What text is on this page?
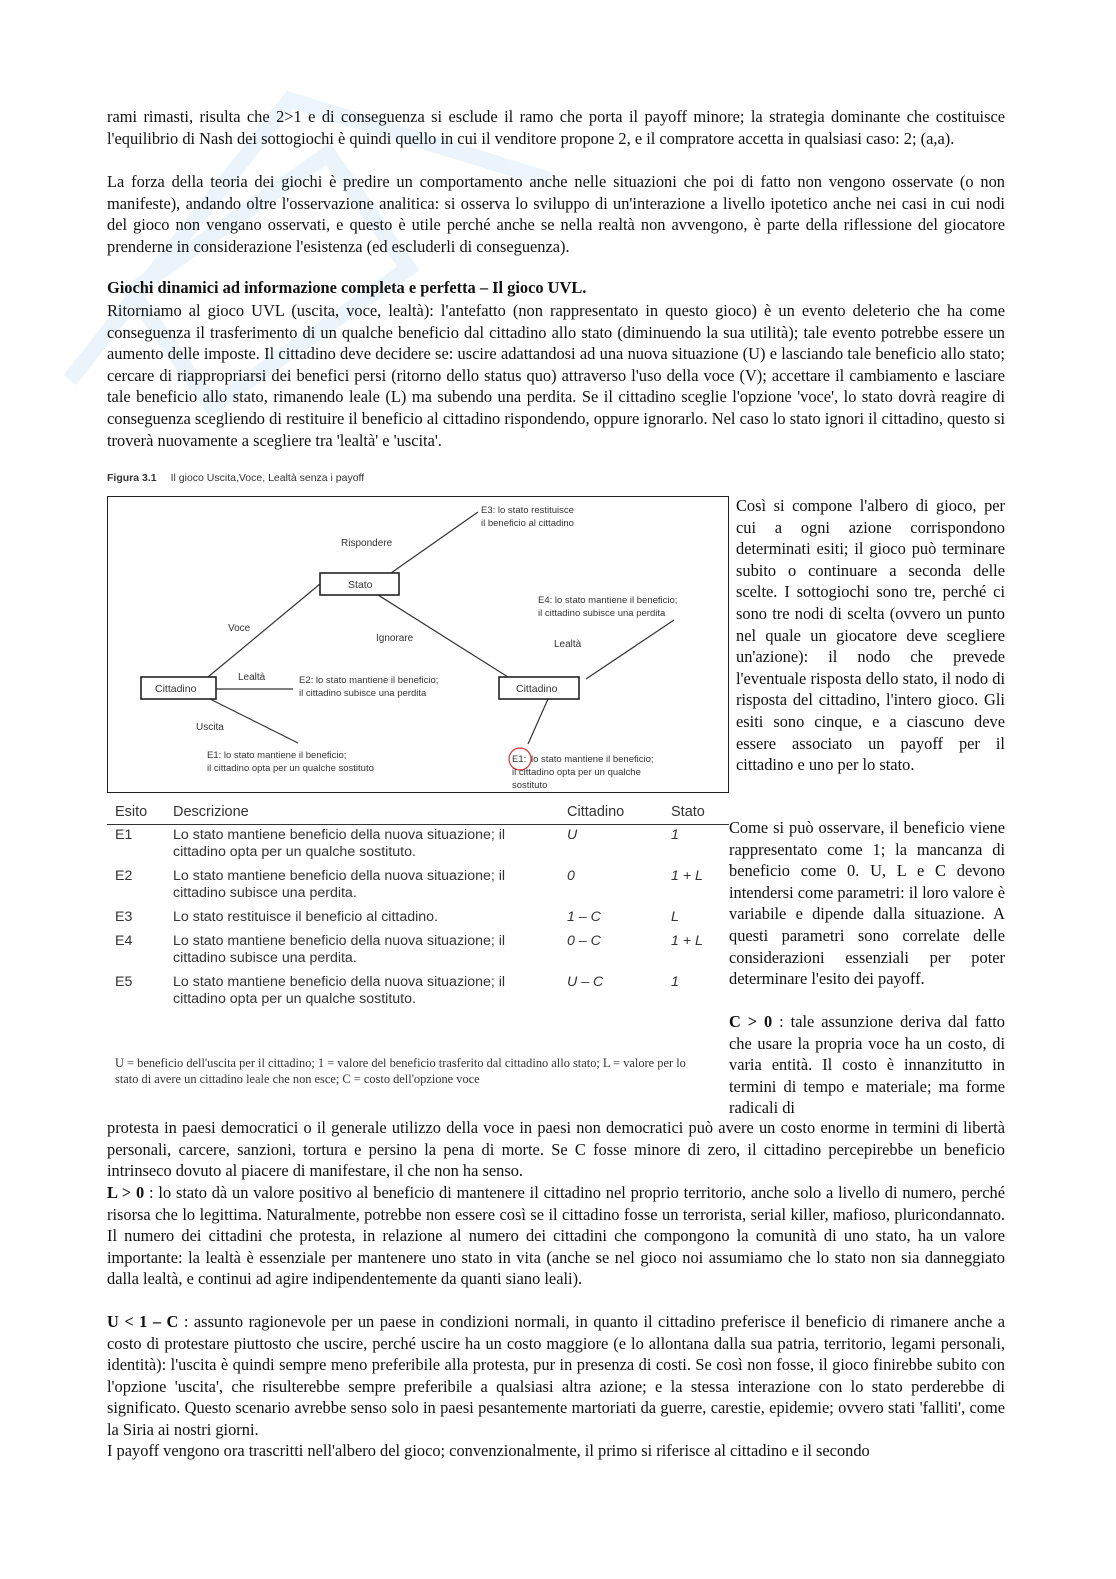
rami rimasti, risulta che 2>1 e di conseguenza si esclude il ramo che porta il payoff minore; la strategia dominante che costituisce l'equilibrio di Nash dei sottogiochi è quindi quello in cui il venditore propone 2, e il compratore accetta in qualsiasi caso: 2; (a,a).

La forza della teoria dei giochi è predire un comportamento anche nelle situazioni che poi di fatto non vengono osservate (o non manifeste), andando oltre l'osservazione analitica: si osserva lo sviluppo di un'interazione a livello ipotetico anche nei casi in cui nodi del gioco non vengano osservati, e questo è utile perché anche se nella realtà non avvengono, è parte della riflessione del giocatore prenderne in considerazione l'esistenza (ed escluderli di conseguenza).

Giochi dinamici ad informazione completa e perfetta – Il gioco UVL.

Ritorniamo al gioco UVL (uscita, voce, lealtà): l'antefatto (non rappresentato in questo gioco) è un evento deleterio che ha come conseguenza il trasferimento di un qualche beneficio dal cittadino allo stato (diminuendo la sua utilità); tale evento potrebbe essere un aumento delle imposte. Il cittadino deve decidere se: uscire adattandosi ad una nuova situazione (U) e lasciando tale beneficio allo stato; cercare di riappropriarsi dei benefici persi (ritorno dello status quo) attraverso l'uso della voce (V); accettare il cambiamento e lasciare tale beneficio allo stato, rimanendo leale (L) ma subendo una perdita. Se il cittadino sceglie l'opzione 'voce', lo stato dovrà reagire di conseguenza scegliendo di restituire il beneficio al cittadino rispondendo, oppure ignorarlo. Nel caso lo stato ignori il cittadino, questo si troverà nuovamente a scegliere tra 'lealtà' e 'uscita'.

Figura 3.1 Il gioco Uscita,Voce, Lealtà senza i payoff
Cittadino
Stato
Cittadino
Rispondere
Voce
Ignorare
Lealtà
Uscita
Lealtà
E3: lo stato restituisce
il beneficio al cittadino
E4: lo stato mantiene il beneficio;
il cittadino subisce una perdita
E2: lo stato mantiene il beneficio;
il cittadino subisce una perdita
E1: lo stato mantiene il beneficio;
il cittadino opta per un qualche sostituto
E1: lo stato mantiene il beneficio;
il cittadino opta per un qualche
sostituto

Così si compone l'albero di gioco, per cui a ogni azione corrispondono determinati esiti; il gioco può terminare subito o continuare a seconda delle scelte. I sottogiochi sono tre, perché ci sono tre nodi di scelta (ovvero un punto nel quale un giocatore deve scegliere un'azione): il nodo che prevede l'eventuale risposta dello stato, il nodo di risposta del cittadino, l'intero gioco. Gli esiti sono cinque, e a ciascuno deve essere associato un payoff per il cittadino e uno per lo stato.

Come si può osservare, il beneficio viene rappresentato come 1; la mancanza di beneficio come 0. U, L e C devono intendersi come parametri: il loro valore è variabile e dipende dalla situazione. A questi parametri sono correlate delle considerazioni essenziali per poter determinare l'esito dei payoff.

C > 0 : tale assunzione deriva dal fatto che usare la propria voce ha un costo, di varia entità. Il costo è innanzitutto in termini di tempo e materiale; ma forme radicali di

Esito	Descrizione	Cittadino	Stato
E1	Lo stato mantiene beneficio della nuova situazione; il cittadino opta per un qualche sostituto.	U	1
E2	Lo stato mantiene beneficio della nuova situazione; il cittadino subisce una perdita.	0	1 + L
E3	Lo stato restituisce il beneficio al cittadino.	1 – C	L
E4	Lo stato mantiene beneficio della nuova situazione; il cittadino subisce una perdita.	0 – C	1 + L
E5	Lo stato mantiene beneficio della nuova situazione; il cittadino opta per un qualche sostituto.	U – C	1
U = beneficio dell'uscita per il cittadino; 1 = valore del beneficio trasferito dal cittadino allo stato; L = valore per lo stato di avere un cittadino leale che non esce; C = costo dell'opzione voce

protesta in paesi democratici o il generale utilizzo della voce in paesi non democratici può avere un costo enorme in termini di libertà personali, carcere, sanzioni, tortura e persino la pena di morte. Se C fosse minore di zero, il cittadino percepirebbe un beneficio intrinseco dovuto al piacere di manifestare, il che non ha senso.

L > 0 : lo stato dà un valore positivo al beneficio di mantenere il cittadino nel proprio territorio, anche solo a livello di numero, perché risorsa che lo legittima. Naturalmente, potrebbe non essere così se il cittadino fosse un terrorista, serial killer, mafioso, pluricondannato. Il numero dei cittadini che protesta, in relazione al numero dei cittadini che compongono la comunità di uno stato, ha un valore importante: la lealtà è essenziale per mantenere uno stato in vita (anche se nel gioco noi assumiamo che lo stato non sia danneggiato dalla lealtà, e continui ad agire indipendentemente da quanti siano leali).

U < 1 – C : assunto ragionevole per un paese in condizioni normali, in quanto il cittadino preferisce il beneficio di rimanere anche a costo di protestare piuttosto che uscire, perché uscire ha un costo maggiore (e lo allontana dalla sua patria, territorio, legami personali, identità): l'uscita è quindi sempre meno preferibile alla protesta, pur in presenza di costi. Se così non fosse, il gioco finirebbe subito con l'opzione 'uscita', che risulterebbe sempre preferibile a qualsiasi altra azione; e la stessa interazione con lo stato perderebbe di significato. Questo scenario avrebbe senso solo in paesi pesantemente martoriati da guerre, carestie, epidemie; ovvero stati 'falliti', come la Siria ai nostri giorni.

I payoff vengono ora trascritti nell'albero del gioco; convenzionalmente, il primo si riferisce al cittadino e il secondo
